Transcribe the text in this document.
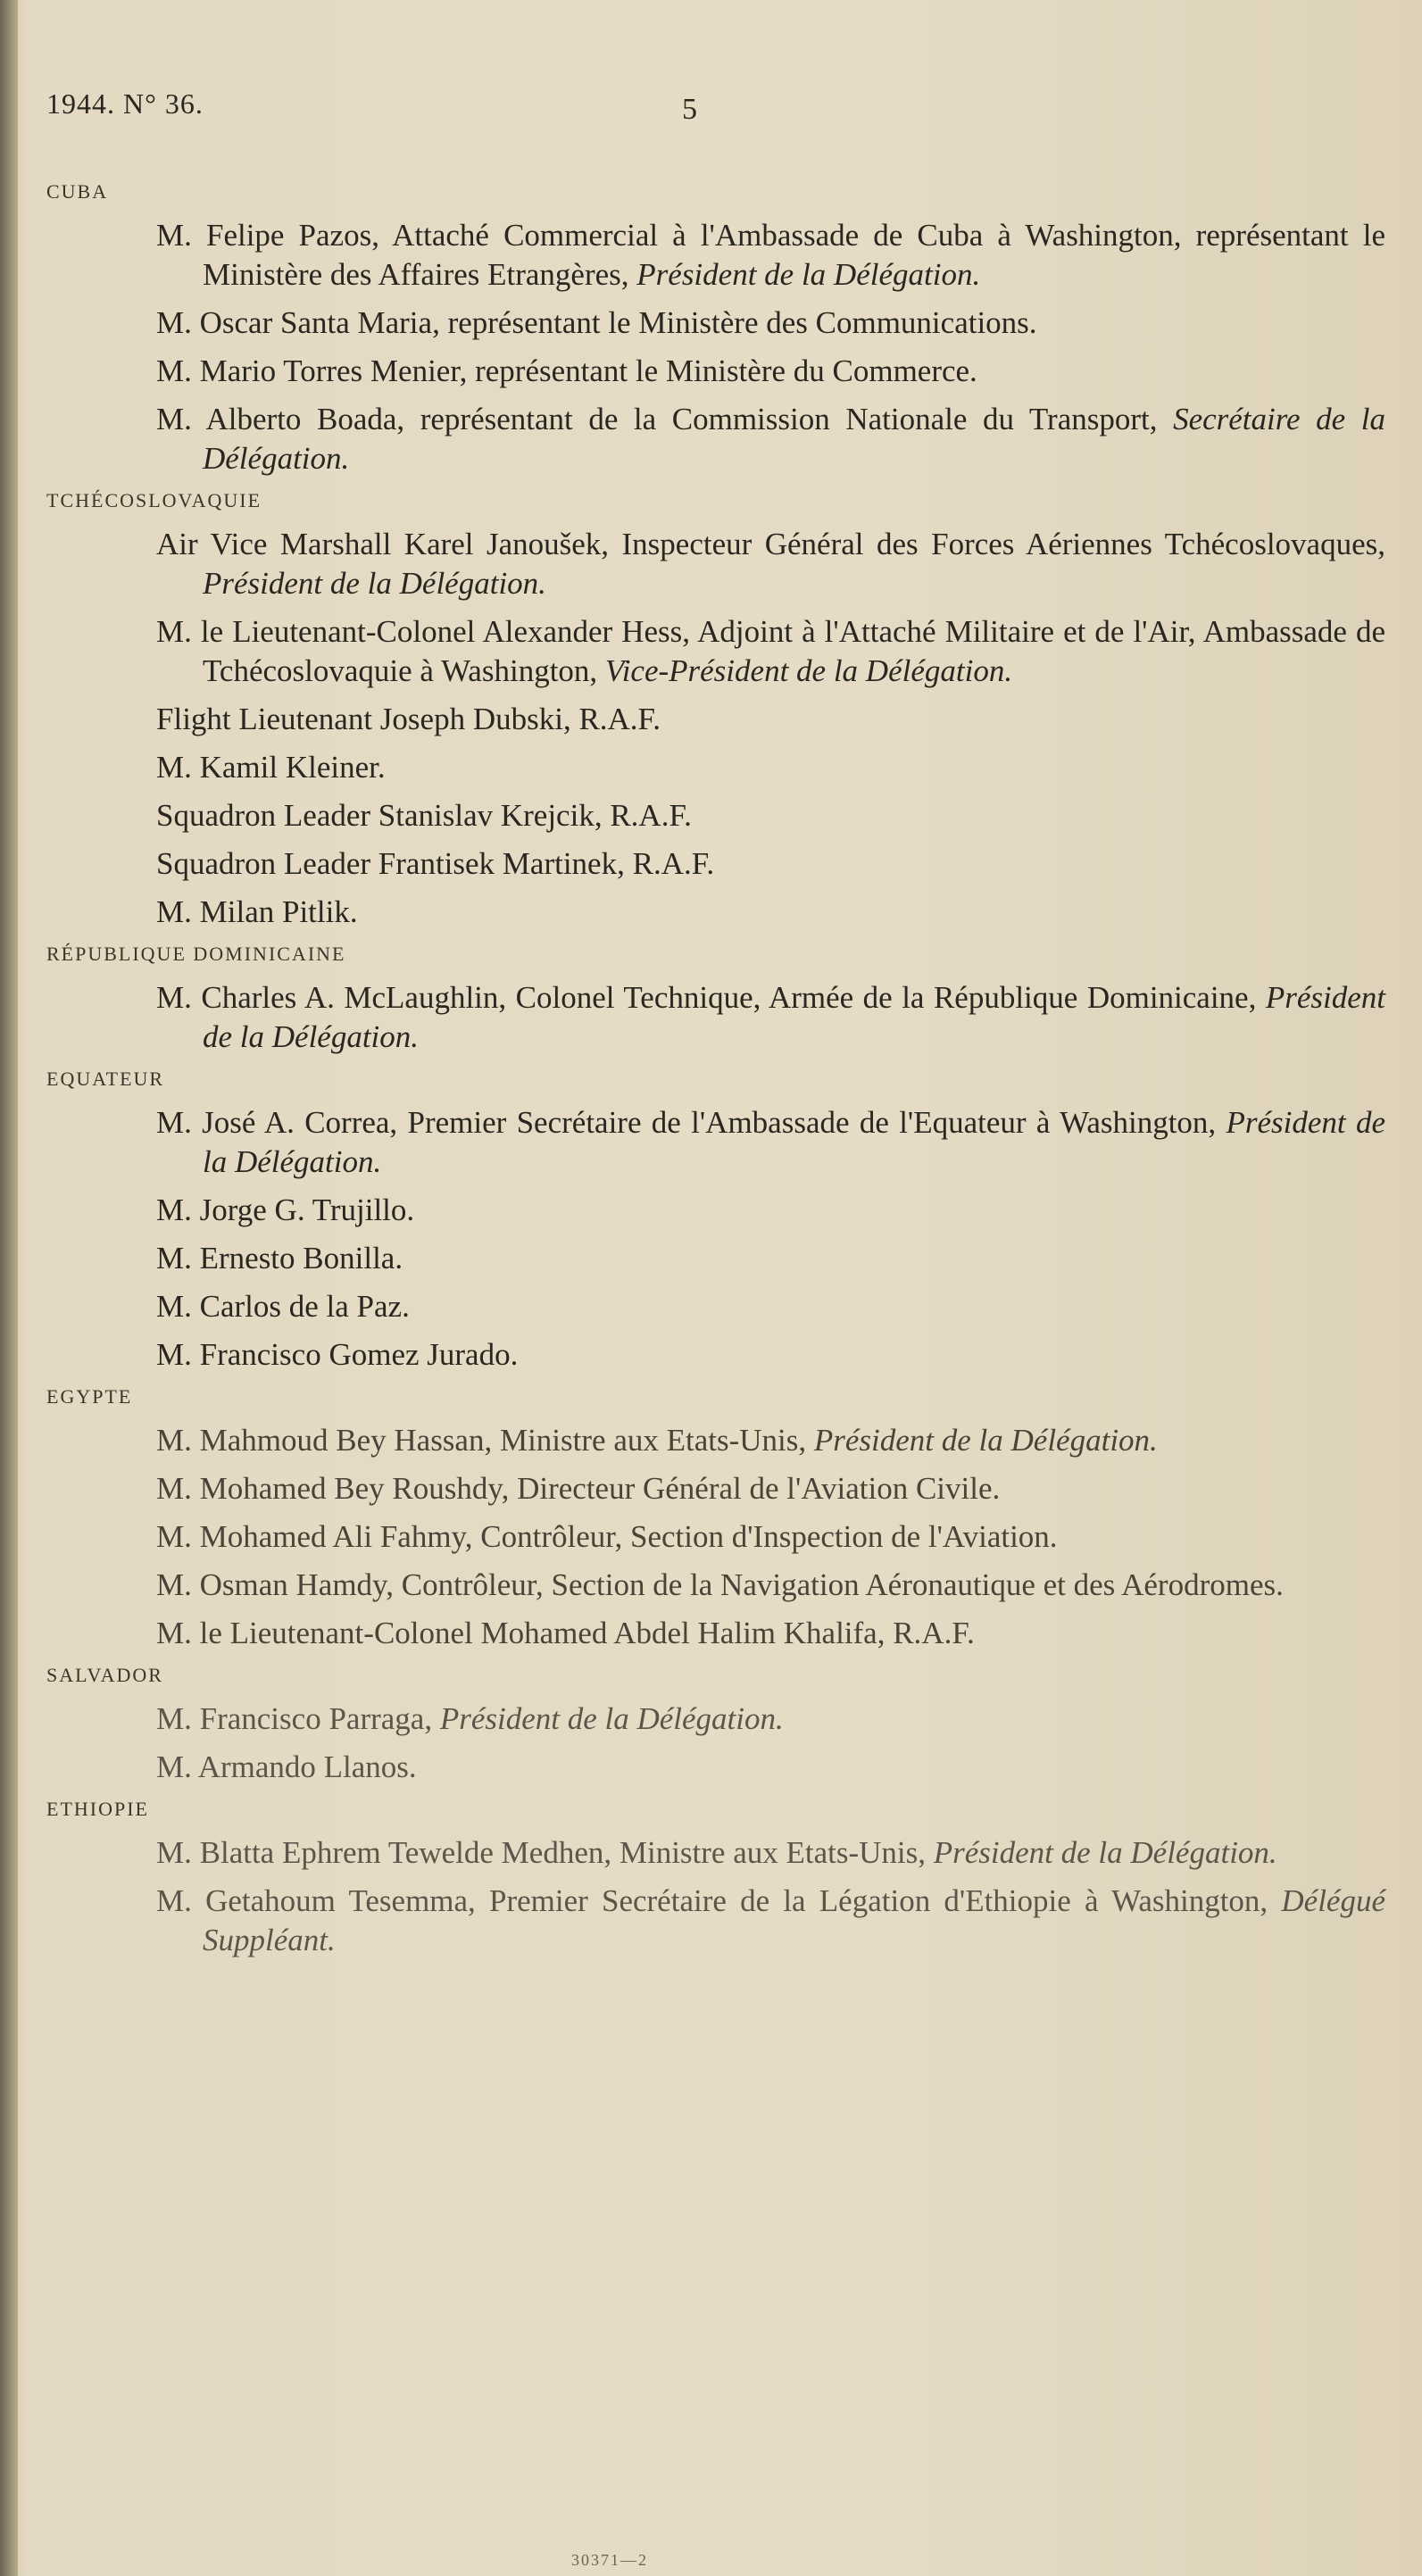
1944. N° 36.	5
CUBA
M. Felipe Pazos, Attaché Commercial à l'Ambassade de Cuba à Washington, représentant le Ministère des Affaires Etrangères, Président de la Délégation.
M. Oscar Santa Maria, représentant le Ministère des Communications.
M. Mario Torres Menier, représentant le Ministère du Commerce.
M. Alberto Boada, représentant de la Commission Nationale du Transport, Secrétaire de la Délégation.
TCHÉCOSLOVAQUIE
Air Vice Marshall Karel Janoušek, Inspecteur Général des Forces Aériennes Tchécoslovaques, Président de la Délégation.
M. le Lieutenant-Colonel Alexander Hess, Adjoint à l'Attaché Militaire et de l'Air, Ambassade de Tchécoslovaquie à Washington, Vice-Président de la Délégation.
Flight Lieutenant Joseph Dubski, R.A.F.
M. Kamil Kleiner.
Squadron Leader Stanislav Krejcik, R.A.F.
Squadron Leader Frantisek Martinek, R.A.F.
M. Milan Pitlik.
RÉPUBLIQUE DOMINICAINE
M. Charles A. McLaughlin, Colonel Technique, Armée de la République Dominicaine, Président de la Délégation.
EQUATEUR
M. José A. Correa, Premier Secrétaire de l'Ambassade de l'Equateur à Washington, Président de la Délégation.
M. Jorge G. Trujillo.
M. Ernesto Bonilla.
M. Carlos de la Paz.
M. Francisco Gomez Jurado.
EGYPTE
M. Mahmoud Bey Hassan, Ministre aux Etats-Unis, Président de la Délégation.
M. Mohamed Bey Roushdy, Directeur Général de l'Aviation Civile.
M. Mohamed Ali Fahmy, Contrôleur, Section d'Inspection de l'Aviation.
M. Osman Hamdy, Contrôleur, Section de la Navigation Aéronautique et des Aérodromes.
M. le Lieutenant-Colonel Mohamed Abdel Halim Khalifa, R.A.F.
SALVADOR
M. Francisco Parraga, Président de la Délégation.
M. Armando Llanos.
ETHIOPIE
M. Blatta Ephrem Tewelde Medhen, Ministre aux Etats-Unis, Président de la Délégation.
M. Getahoum Tesemma, Premier Secrétaire de la Légation d'Ethiopie à Washington, Délégué Suppléant.
30371—2
